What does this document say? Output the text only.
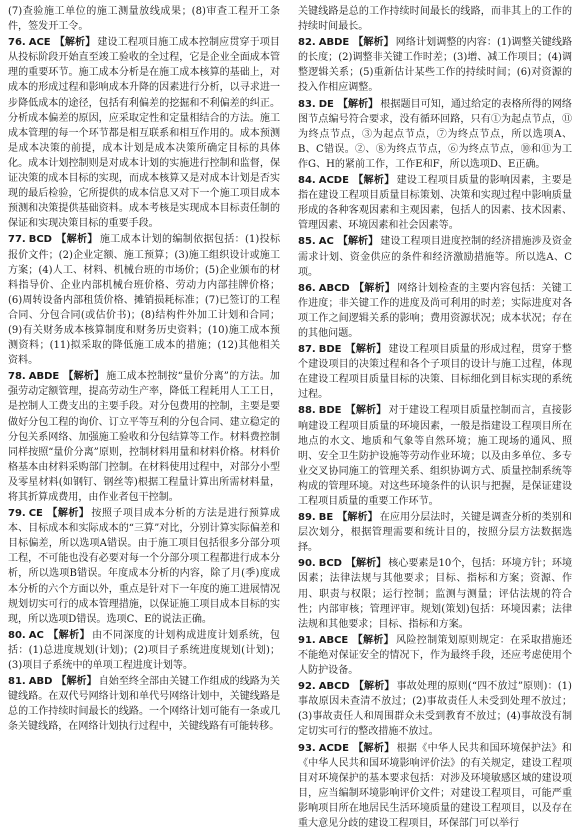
(7)查验施工单位的施工测量放线成果；(8)审查工程开工条件，签发开工令。
76. ACE 【解析】 建设工程项目施工成本控制应贯穿于项目从投标阶段开始直至竣工验收的全过程，它是企业全面成本管理的重要环节。施工成本分析是在施工成本核算的基础上，对成本的形成过程和影响成本升降的因素进行分析，以寻求进一步降低成本的途径，包括有利偏差的挖掘和不利偏差的纠正。分析成本偏差的原因，应采取定性和定量相结合的方法。施工成本管理的每一个环节都是相互联系和相互作用的。成本预测是成本决策的前提，成本计划是成本决策所确定目标的具体化。成本计划控制则是对成本计划的实施进行控制和监督，保证决策的成本目标的实现，而成本核算又是对成本计划是否实现的最后检验，它所提供的成本信息又对下一个施工项目成本预测和决策提供基础资料。成本考核是实现成本目标责任制的保证和实现决策目标的重要手段。
77. BCD 【解析】 施工成本计划的编制依据包括：(1)投标报价文件；(2)企业定额、施工预算；(3)施工组织设计或施工方案；(4)人工、材料、机械台班的市场价；(5)企业颁布的材料指导价、企业内部机械台班价格、劳动力内部挂牌价格；(6)周转设备内部租赁价格、摊销损耗标准；(7)已签订的工程合同、分包合同(或估价书)；(8)结构件外加工计划和合同；(9)有关财务成本核算制度和财务历史资料；(10)施工成本预测资料；(11)拟采取的降低施工成本的措施；(12)其他相关资料。
78. ABDE 【解析】 施工成本控制按“量价分离”的方法。加强劳动定额管理，提高劳动生产率，降低工程耗用人工工日，是控制人工费支出的主要手段。对分包费用的控制，主要是要做好分包工程的询价、订立平等互利的分包合同、建立稳定的分包关系网络、加强施工验收和分包结算等工作。材料费控制同样按照“量价分离”原则，控制材料用量和材料价格。材料价格基本由材料采购部门控制。在材料使用过程中，对部分小型及零星材料(如钢钉、钢丝等)根据工程量计算出所需材料量，将其折算成费用，由作业者包干控制。
79. CE 【解析】 按照子项目成本分析的方法是进行预算成本、目标成本和实际成本的“三算”对比，分别计算实际偏差和目标偏差，所以选项A错误。由于施工项目包括很多分部分项工程，不可能也没有必要对每一个分部分项工程都进行成本分析，所以选项B错误。年度成本分析的内容，除了月(季)度成本分析的六个方面以外，重点是针对下一年度的施工进展情况规划切实可行的成本管理措施，以保证施工项目成本目标的实现，所以选项D错误。选项C、E的说法正确。
80. AC 【解析】 由不同深度的计划构成进度计划系统，包括：(1)总进度规划(计划)；(2)项目子系统进度规划(计划)；(3)项目子系统中的单项工程进度计划等。
81. ABD 【解析】 自始至终全部由关键工作组成的线路为关键线路。在双代号网络计划和单代号网络计划中，关键线路是总的工作持续时间最长的线路。一个网络计划可能有一条或几条关键线路，在网络计划执行过程中，关键线路有可能转移。
关键线路是总的工作持续时间最长的线路，而非其上的工作的持续时间最长。
82. ABDE 【解析】 网络计划调整的内容：(1)调整关键线路的长度；(2)调整非关键工作时差；(3)增、减工作项目；(4)调整逻辑关系；(5)重新估计某些工作的持续时间；(6)对资源的投入作相应调整。
83. DE 【解析】 根据题目可知，通过给定的表格所得的网络图节点编号符合要求，没有循环回路，只有①为起点节点，⑪为终点节点，③为起点节点，⑦为终点节点，所以选项A、B、C错误。②、⑧为终点节点，⑥为终点节点，⑩和⑪为工作G、H的紧前工作，工作E和F，所以选项D、E正确。
84. ACDE 【解析】 建设工程项目质量的影响因素，主要是指在建设工程项目质量目标策划、决策和实现过程中影响质量形成的各种客观因素和主观因素，包括人的因素、技术因素、管理因素、环境因素和社会因素等。
85. AC 【解析】 建设工程项目进度控制的经济措施涉及资金需求计划、资金供应的条件和经济激励措施等。所以选A、C项。
86. ABCD 【解析】 网络计划检查的主要内容包括：关键工作进度；非关键工作的进度及尚可利用的时差；实际进度对各项工作之间逻辑关系的影响；费用资源状况；成本状况；存在的其他问题。
87. BDE 【解析】 建设工程项目质量的形成过程，贯穿于整个建设项目的决策过程和各个子项目的设计与施工过程，体现在建设工程项目质量目标的决策、目标细化到目标实现的系统过程。
88. BDE 【解析】 对于建设工程项目质量控制而言，直接影响建设工程项目质量的环境因素，一般是指建设工程项目所在地点的水文、地质和气象等自然环境；施工现场的通风、照明、安全卫生防护设施等劳动作业环境；以及由多单位、多专业交叉协同施工的管理关系、组织协调方式、质量控制系统等构成的管理环境。对这些环境条件的认识与把握，是保证建设工程项目质量的重要工作环节。
89. BE 【解析】 在应用分层法时，关键是调查分析的类别和层次划分，根据管理需要和统计目的，按照分层方法数据选择。
90. BCD 【解析】 核心要素是10个，包括：环境方针；环境因素；法律法规与其他要求；目标、指标和方案；资源、作用、职责与权限；运行控制；监测与测量；评估法规的符合性；内部审核；管理评审。规划(策划)包括：环境因素；法律法规和其他要求；目标、指标和方案。
91. ABCE 【解析】 风险控制策划原则规定：在采取措施还不能绝对保证安全的情况下，作为最终手段，还应考虑使用个人防护设备。
92. ABCD 【解析】 事故处理的原则(“四不放过”原则)：(1)事故原因未查清不放过；(2)事故责任人未受到处理不放过；(3)事故责任人和周围群众未受到教育不放过；(4)事故没有制定切实可行的整改措施不放过。
93. ACDE 【解析】 根据《中华人民共和国环境保护法》和《中华人民共和国环境影响评价法》的有关规定，建设工程项目对环境保护的基本要求包括：对涉及环境敏感区域的建设项目，应当编制环境影响评价文件；对建设工程项目，可能严重影响项目所在地居民生活环境质量的建设工程项目，以及存在重大意见分歧的建设工程项目，环保部门可以举行
